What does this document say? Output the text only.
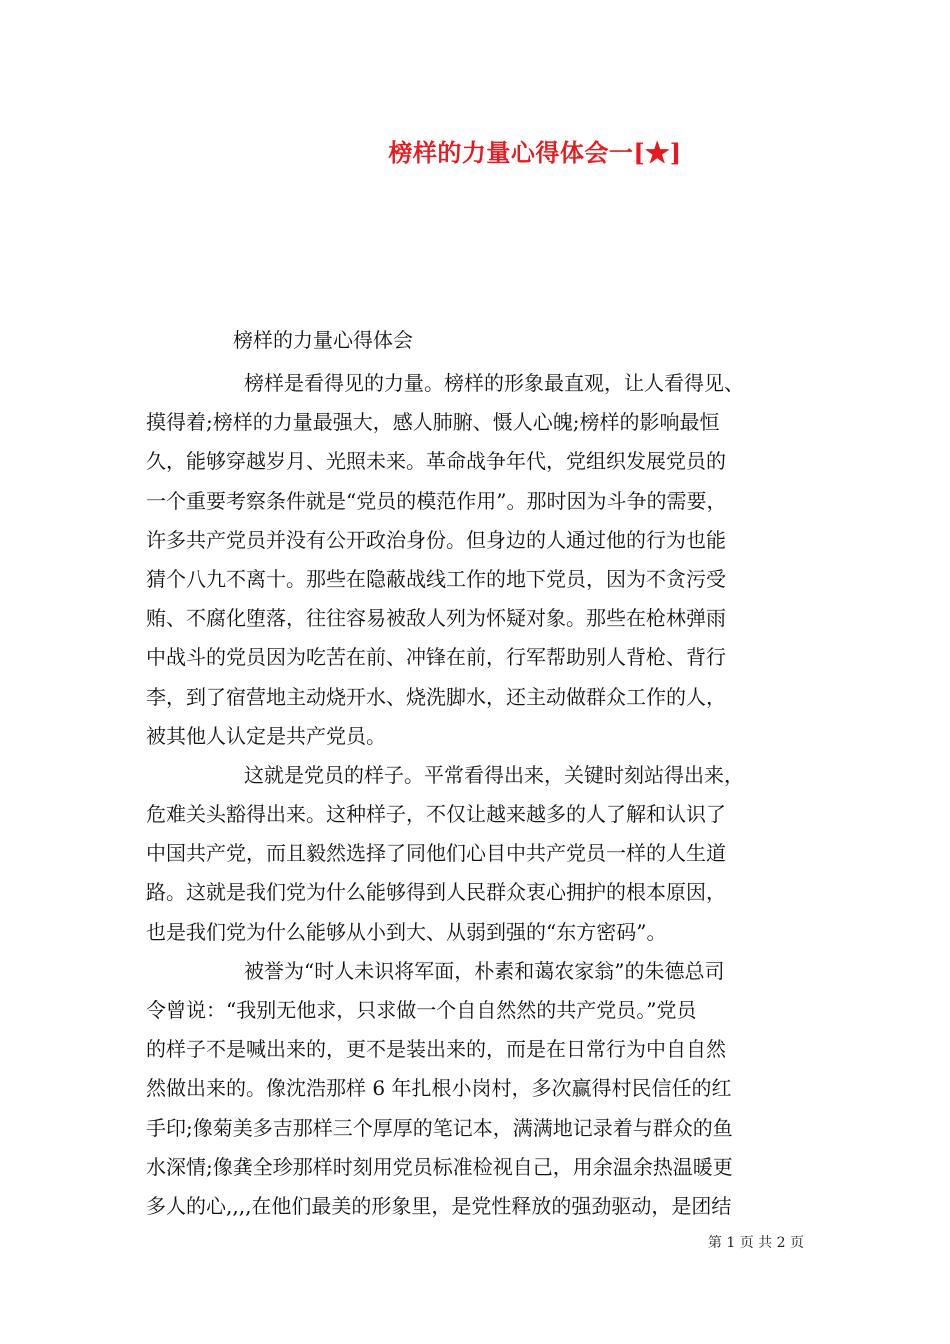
榜样的力量心得体会一[★]
榜样的力量心得体会
榜样是看得见的力量。榜样的形象最直观，让人看得见、
摸得着;榜样的力量最强大，感人肺腑、慑人心魄;榜样的影响最恒
久，能够穿越岁月、光照未来。革命战争年代，党组织发展党员的
一个重要考察条件就是“党员的模范作用”。那时因为斗争的需要，
许多共产党员并没有公开政治身份。但身边的人通过他的行为也能
猜个八九不离十。那些在隐蔽战线工作的地下党员，因为不贪污受
贿、不腐化堕落，往往容易被敌人列为怀疑对象。那些在枪林弹雨
中战斗的党员因为吃苦在前、冲锋在前，行军帮助别人背枪、背行
李，到了宿营地主动烧开水、烧洗脚水，还主动做群众工作的人，
被其他人认定是共产党员。
这就是党员的样子。平常看得出来，关键时刻站得出来，
危难关头豁得出来。这种样子，不仅让越来越多的人了解和认识了
中国共产党，而且毅然选择了同他们心目中共产党员一样的人生道
路。这就是我们党为什么能够得到人民群众衷心拥护的根本原因，
也是我们党为什么能够从小到大、从弱到强的“东方密码”。
被誉为“时人未识将军面，朴素和蔼农家翁”的朱德总司
令曾说：“我别无他求，只求做一个自自然然的共产党员。”党员
的样子不是喊出来的，更不是装出来的，而是在日常行为中自自然
然做出来的。像沈浩那样 6 年扎根小岗村，多次赢得村民信任的红
手印;像菊美多吉那样三个厚厚的笔记本，满满地记录着与群众的鱼
水深情;像龚全珍那样时刻用党员标准检视自己，用余温余热温暖更
多人的心,,,,在他们最美的形象里，是党性释放的强劲驱动，是团结
第 1 页 共 2 页
